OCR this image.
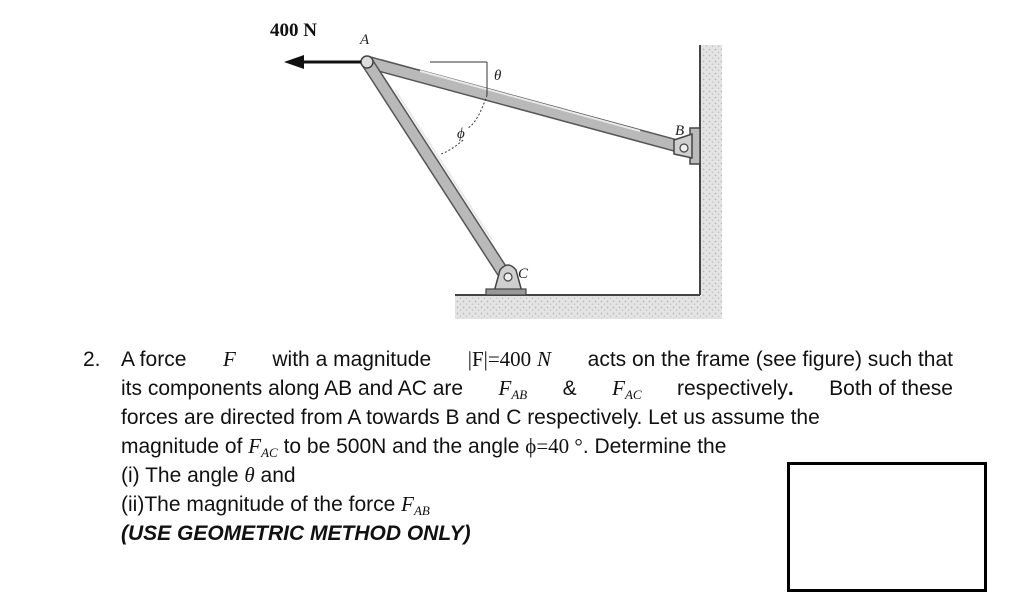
400 N	A
B
C
θ
ϕ
2. A force F with a magnitude |F|=400 N acts on the frame (see figure) such that
its components along AB and AC are $F_{AB}$ & $F_{AC}$ respectively. Both of these
forces are directed from A towards B and C respectively. Let us assume the
magnitude of $F_{AC}$ to be 500N and the angle ϕ=40 °. Determine the
(i) The angle θ and
(ii)The magnitude of the force $F_{AB}$
(USE GEOMETRIC METHOD ONLY)
